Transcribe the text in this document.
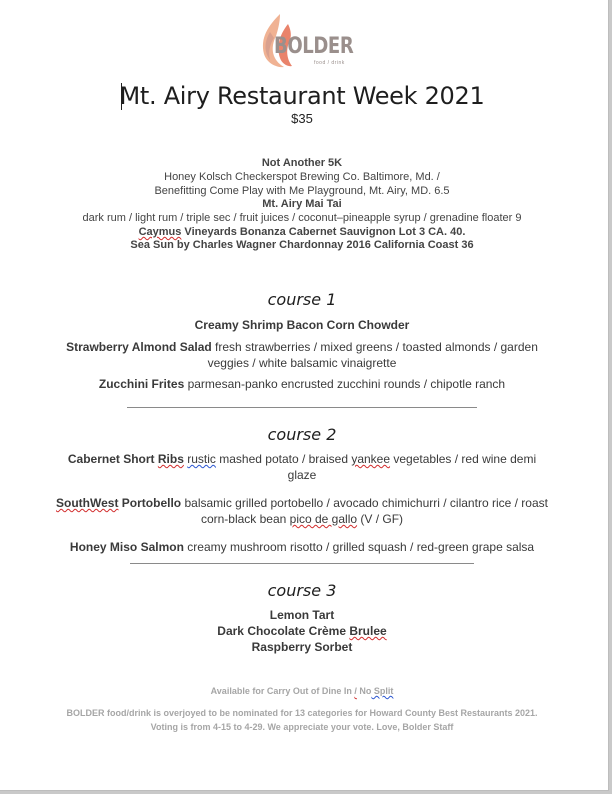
BOLDER
food / drink
Mt. Airy Restaurant Week 2021
$35
Not Another 5K
Honey Kolsch Checkerspot Brewing Co. Baltimore, Md. /
Benefitting Come Play with Me Playground, Mt. Airy, MD. 6.5
Mt. Airy Mai Tai
dark rum / light rum / triple sec / fruit juices / coconut–pineapple syrup / grenadine floater 9
Caymus Vineyards Bonanza Cabernet Sauvignon Lot 3 CA. 40.
Sea Sun by Charles Wagner Chardonnay 2016 California Coast 36
course 1
Creamy Shrimp Bacon Corn Chowder
Strawberry Almond Salad fresh strawberries / mixed greens / toasted almonds / garden
veggies / white balsamic vinaigrette
Zucchini Frites parmesan-panko encrusted zucchini rounds / chipotle ranch
course 2
Cabernet Short Ribs rustic mashed potato / braised yankee vegetables / red wine demi
glaze
SouthWest Portobello balsamic grilled portobello / avocado chimichurri / cilantro rice / roast
corn-black bean pico de gallo (V / GF)
Honey Miso Salmon creamy mushroom risotto / grilled squash / red-green grape salsa
course 3
Lemon Tart
Dark Chocolate Crème Brulee
Raspberry Sorbet
Available for Carry Out of Dine In / No Split
BOLDER food/drink is overjoyed to be nominated for 13 categories for Howard County Best Restaurants 2021.
Voting is from 4-15 to 4-29. We appreciate your vote. Love, Bolder Staff
